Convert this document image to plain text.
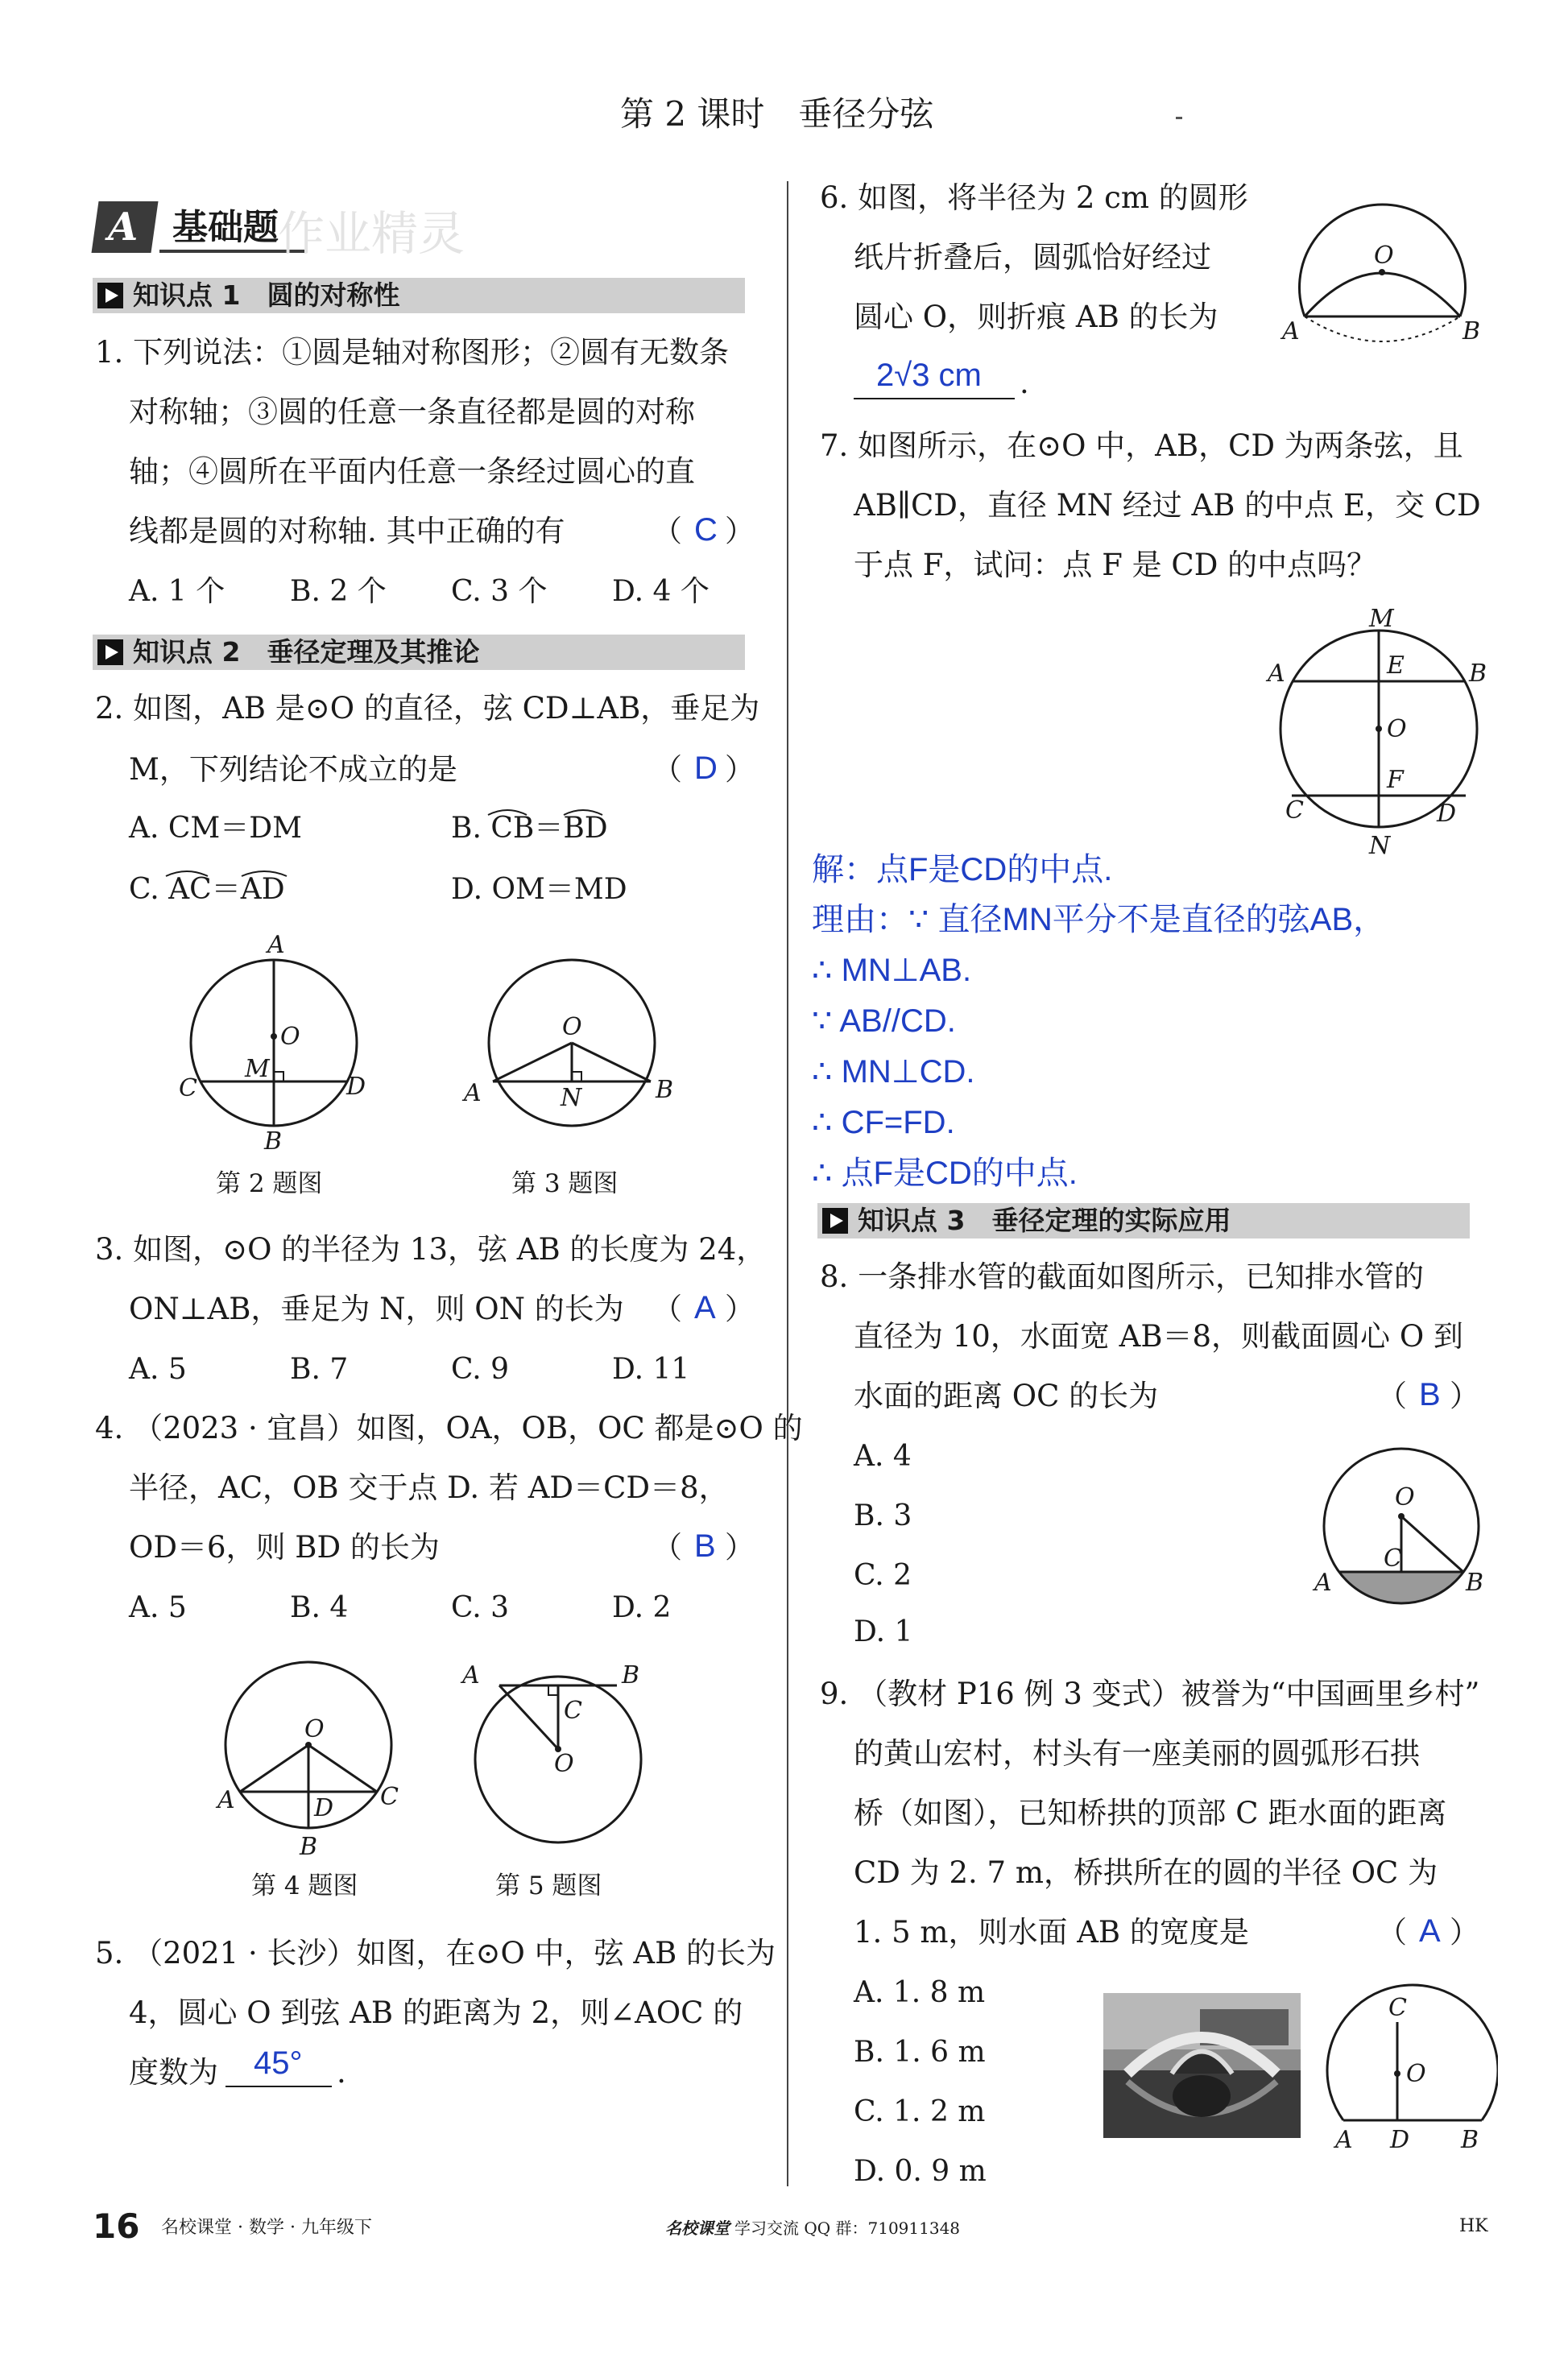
第 2 课时　垂径分弦
A 基础题 作业精灵
知识点 1　圆的对称性
1. 下列说法：①圆是轴对称图形；②圆有无数条
对称轴；③圆的任意一条直径都是圆的对称
轴；④圆所在平面内任意一条经过圆心的直
线都是圆的对称轴. 其中正确的有	（ C ）
A. 1 个 B. 2 个 C. 3 个 D. 4 个
知识点 2　垂径定理及其推论
2. 如图，AB 是⊙O 的直径，弦 CD⊥AB，垂足为
M，下列结论不成立的是	（ D ）
A. CM＝DM	B. CB＝BD
C. AC＝AD	D. OM＝MD
A
O
M
C	D
B
第 2 题图
O
A	B
N
第 3 题图
3. 如图，⊙O 的半径为 13，弦 AB 的长度为 24，
ON⊥AB，垂足为 N，则 ON 的长为 （ A ）
A. 5	B. 7	C. 9	D. 11
4. （2023 · 宜昌）如图，OA，OB，OC 都是⊙O 的
半径，AC，OB 交于点 D. 若 AD＝CD＝8，
OD＝6，则 BD 的长为	（ B ）
A. 5	B. 4	C. 3	D. 2
O
A	D C
B
第 4 题图
A	B
C
O
第 5 题图
5. （2021 · 长沙）如图，在⊙O 中，弦 AB 的长为
4，圆心 O 到弦 AB 的距离为 2，则∠AOC 的
度数为 45° .
6. 如图，将半径为 2 cm 的圆形
纸片折叠后，圆弧恰好经过
圆心 O，则折痕 AB 的长为
2√3 cm .
O
A	B
7. 如图所示，在⊙O 中，AB，CD 为两条弦，且
AB∥CD，直径 MN 经过 AB 的中点 E，交 CD
于点 F，试问：点 F 是 CD 的中点吗？
M
A	E	B
O
F
C	D
N
解：点F是CD的中点.
理由：∵ 直径MN平分不是直径的弦AB，
∴ MN⊥AB.
∵ AB//CD.
∴ MN⊥CD.
∴ CF=FD.
∴ 点F是CD的中点.
知识点 3　垂径定理的实际应用
8. 一条排水管的截面如图所示，已知排水管的
直径为 10，水面宽 AB＝8，则截面圆心 O 到
水面的距离 OC 的长为	（ B ）
A. 4
B. 3
C. 2
D. 1
O
C
A	B
9. （教材 P16 例 3 变式）被誉为“中国画里乡村”
的黄山宏村，村头有一座美丽的圆弧形石拱
桥（如图），已知桥拱的顶部 C 距水面的距离
CD 为 2. 7 m，桥拱所在的圆的半径 OC 为
1. 5 m，则水面 AB 的宽度是	（ A ）
A. 1. 8 m
B. 1. 6 m
C. 1. 2 m
D. 0. 9 m
C
O
A D B
16 名校课堂 · 数学 · 九年级下	名校课堂 学习交流 QQ 群：710911348	HK
